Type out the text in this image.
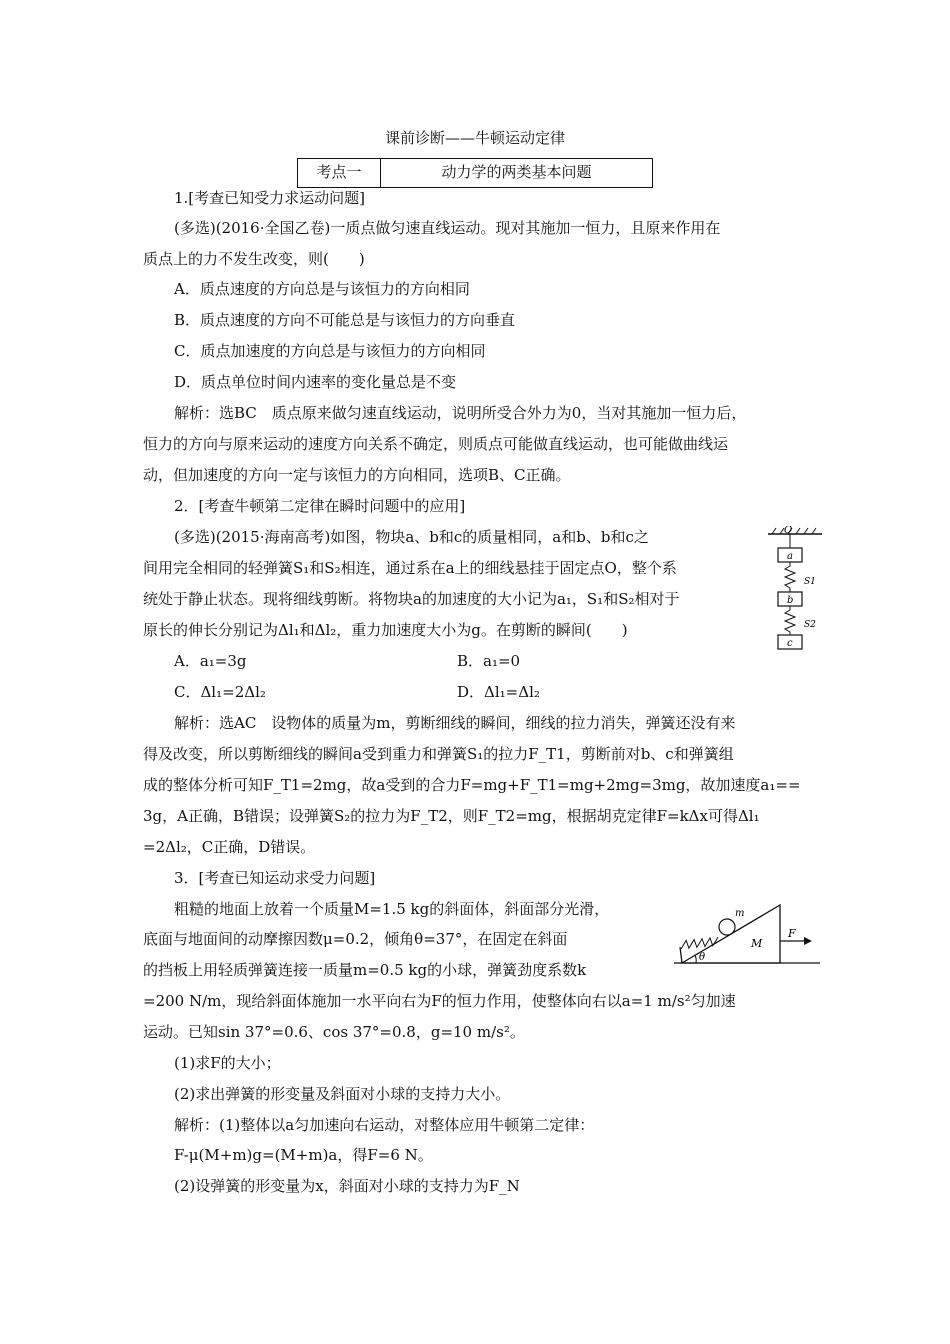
课前诊断——牛顿运动定律
考点一	动力学的两类基本问题
1.[考查已知受力求运动问题]
(多选)(2016·全国乙卷)一质点做匀速直线运动。现对其施加一恒力，且原来作用在
质点上的力不发生改变，则(　　)
A．质点速度的方向总是与该恒力的方向相同
B．质点速度的方向不可能总是与该恒力的方向垂直
C．质点加速度的方向总是与该恒力的方向相同
D．质点单位时间内速率的变化量总是不变
解析：选BC　质点原来做匀速直线运动，说明所受合外力为0，当对其施加一恒力后，
恒力的方向与原来运动的速度方向关系不确定，则质点可能做直线运动，也可能做曲线运
动，但加速度的方向一定与该恒力的方向相同，选项B、C正确。
2．[考查牛顿第二定律在瞬时问题中的应用]
(多选)(2015·海南高考)如图，物块a、b和c的质量相同，a和b、b和c之
间用完全相同的轻弹簧S₁和S₂相连，通过系在a上的细线悬挂于固定点O，整个系
统处于静止状态。现将细线剪断。将物块a的加速度的大小记为a₁，S₁和S₂相对于
原长的伸长分别记为Δl₁和Δl₂，重力加速度大小为g。在剪断的瞬间(　　)
A．a₁=3g	B．a₁=0
C．Δl₁=2Δl₂	D．Δl₁=Δl₂
解析：选AC　设物体的质量为m，剪断细线的瞬间，细线的拉力消失，弹簧还没有来
得及改变，所以剪断细线的瞬间a受到重力和弹簧S₁的拉力F_T1，剪断前对b、c和弹簧组
成的整体分析可知F_T1=2mg，故a受到的合力F=mg+F_T1=mg+2mg=3mg，故加速度a₁==
3g，A正确，B错误；设弹簧S₂的拉力为F_T2，则F_T2=mg，根据胡克定律F=kΔx可得Δl₁
=2Δl₂，C正确，D错误。
O
a
S1
b
S2
c
3．[考查已知运动求受力问题]
粗糙的地面上放着一个质量M=1.5 kg的斜面体，斜面部分光滑，
底面与地面间的动摩擦因数μ=0.2，倾角θ=37°，在固定在斜面
的挡板上用轻质弹簧连接一质量m=0.5 kg的小球，弹簧劲度系数k
=200 N/m，现给斜面体施加一水平向右为F的恒力作用，使整体向右以a=1 m/s²匀加速
运动。已知sin 37°=0.6、cos 37°=0.8，g=10 m/s²。
(1)求F的大小；
(2)求出弹簧的形变量及斜面对小球的支持力大小。
解析：(1)整体以a匀加速向右运动，对整体应用牛顿第二定律：
F-μ(M+m)g=(M+m)a，得F=6 N。
(2)设弹簧的形变量为x，斜面对小球的支持力为F_N
m
M
θ
F
